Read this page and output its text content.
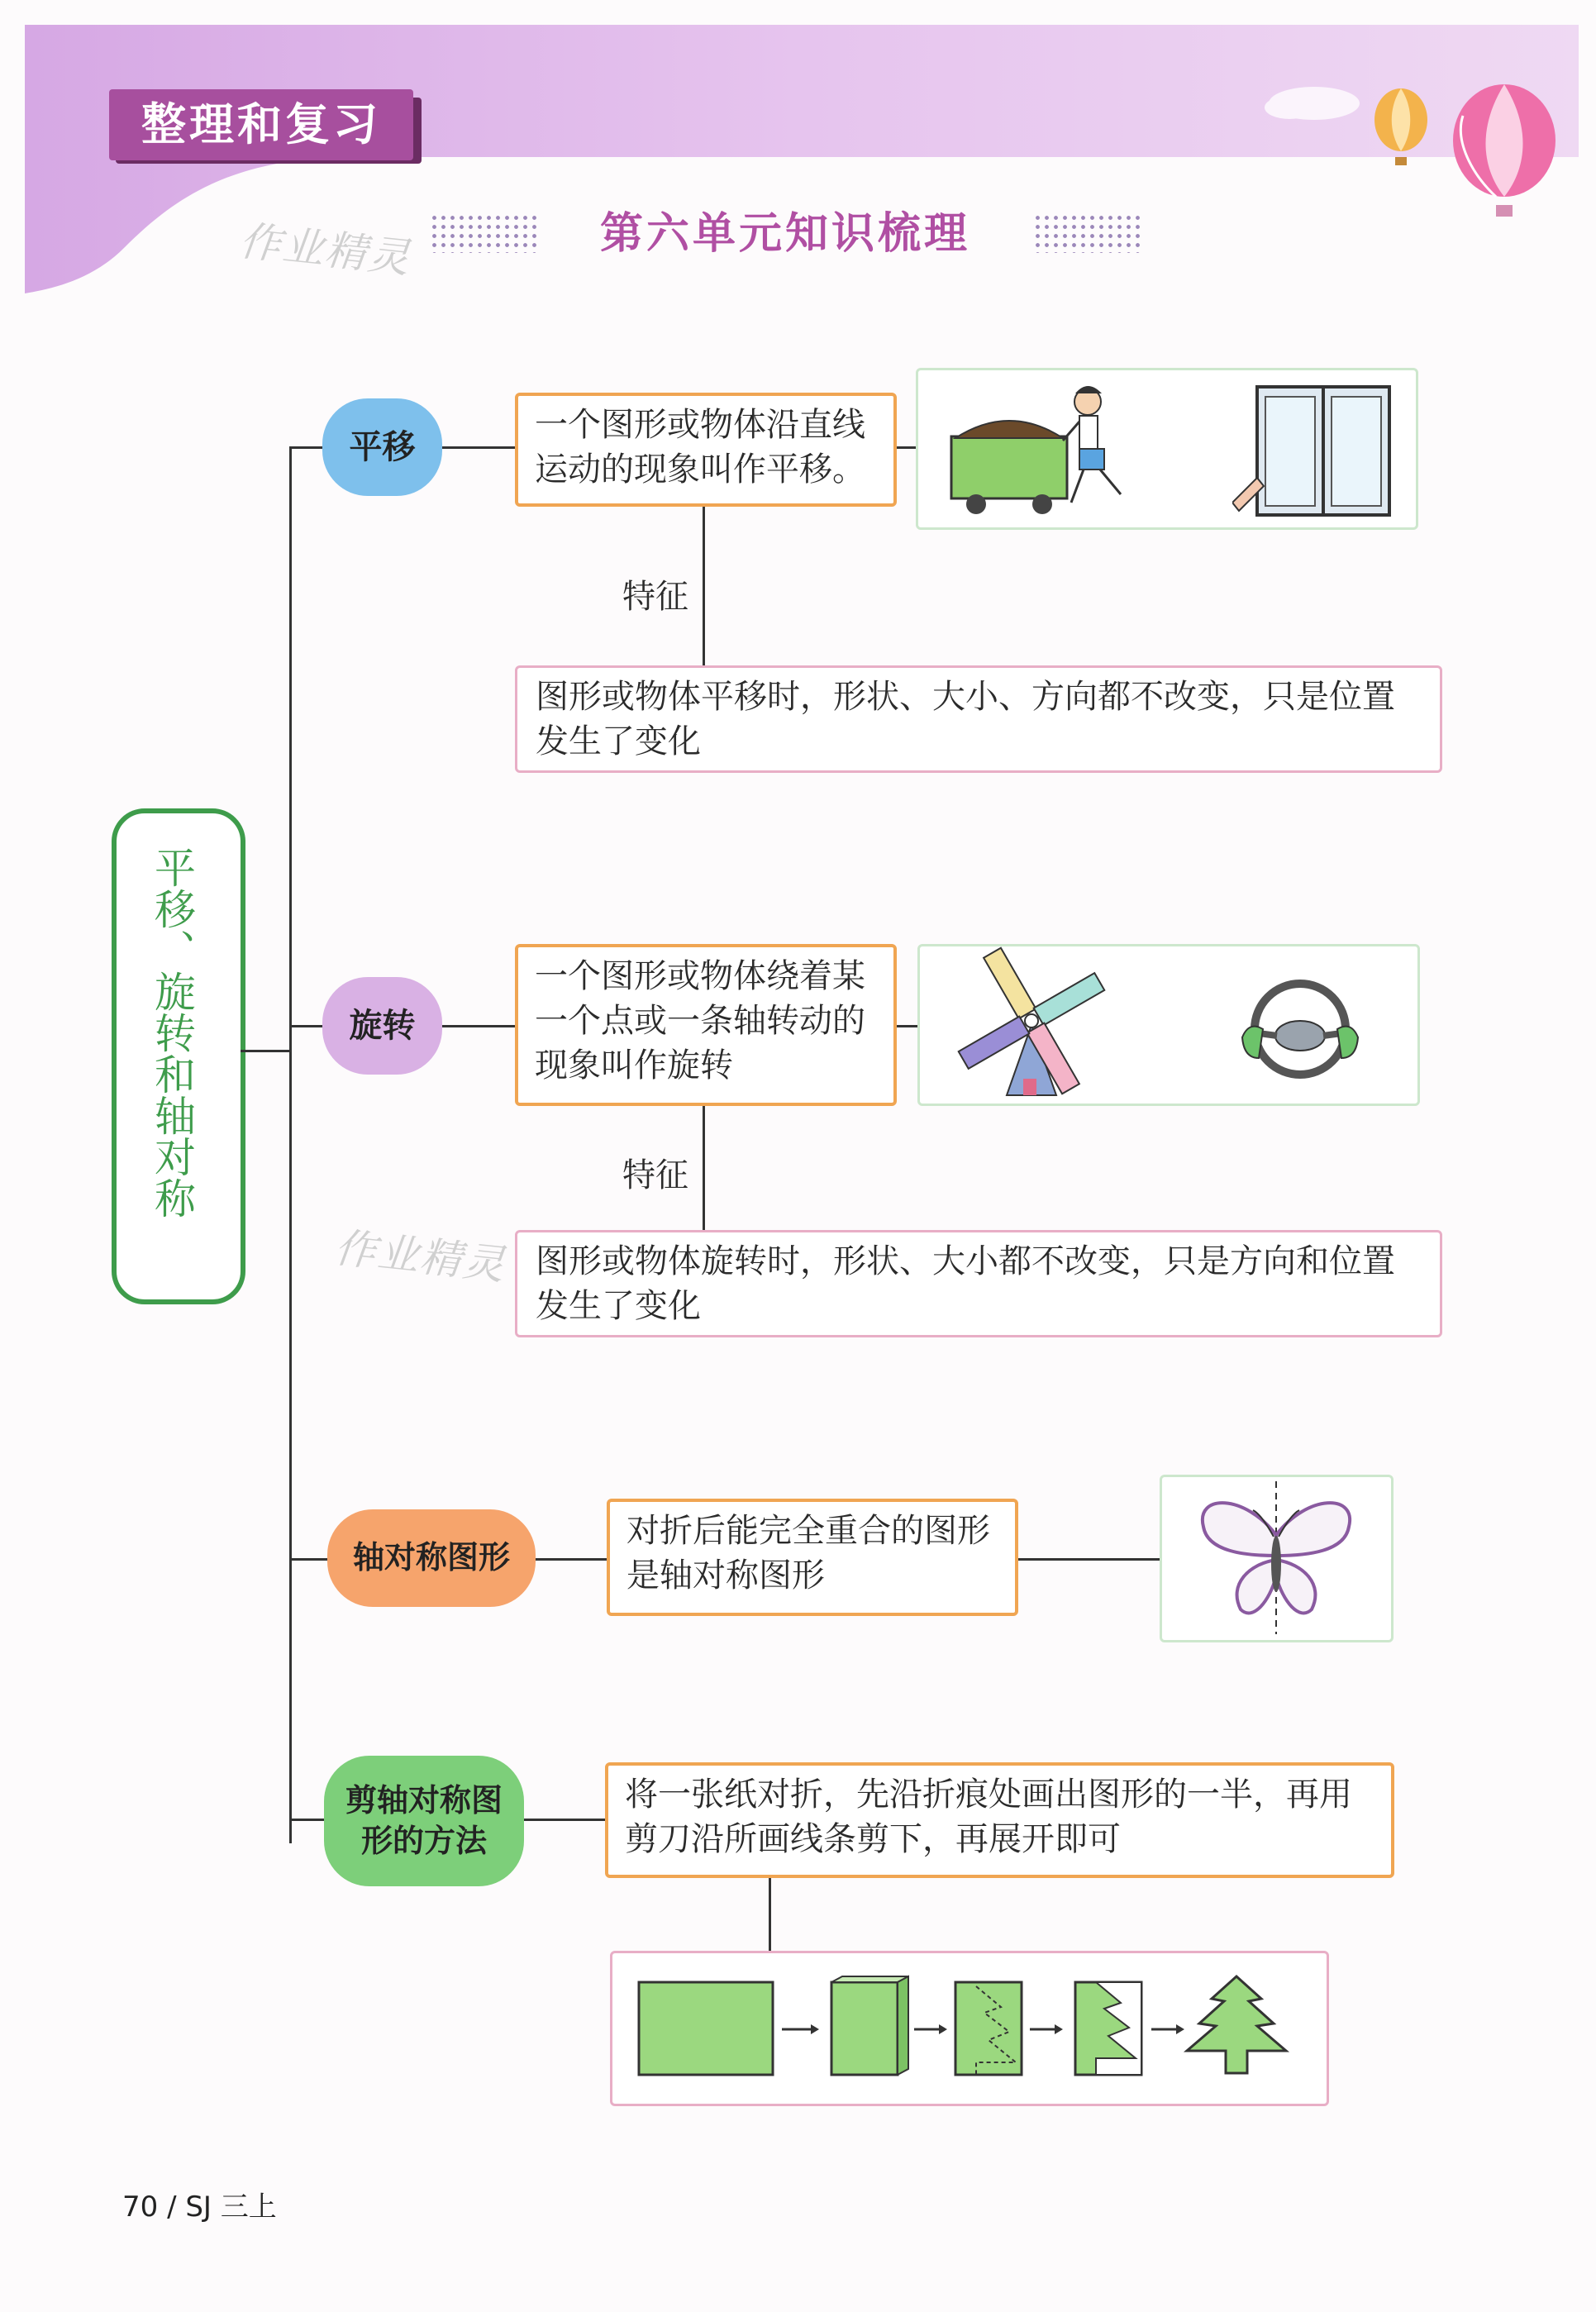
整理和复习
第六单元知识梳理
作业精灵
平移、旋转和轴对称
平移
一个图形或物体沿直线运动的现象叫作平移。
特征
图形或物体平移时，形状、大小、方向都不改变，只是位置发生了变化
旋转
一个图形或物体绕着某一个点或一条轴转动的现象叫作旋转
特征
图形或物体旋转时，形状、大小都不改变，只是方向和位置发生了变化
作业精灵
轴对称图形
对折后能完全重合的图形是轴对称图形
剪轴对称图形的方法
将一张纸对折，先沿折痕处画出图形的一半，再用剪刀沿所画线条剪下，再展开即可
70 / SJ 三上
